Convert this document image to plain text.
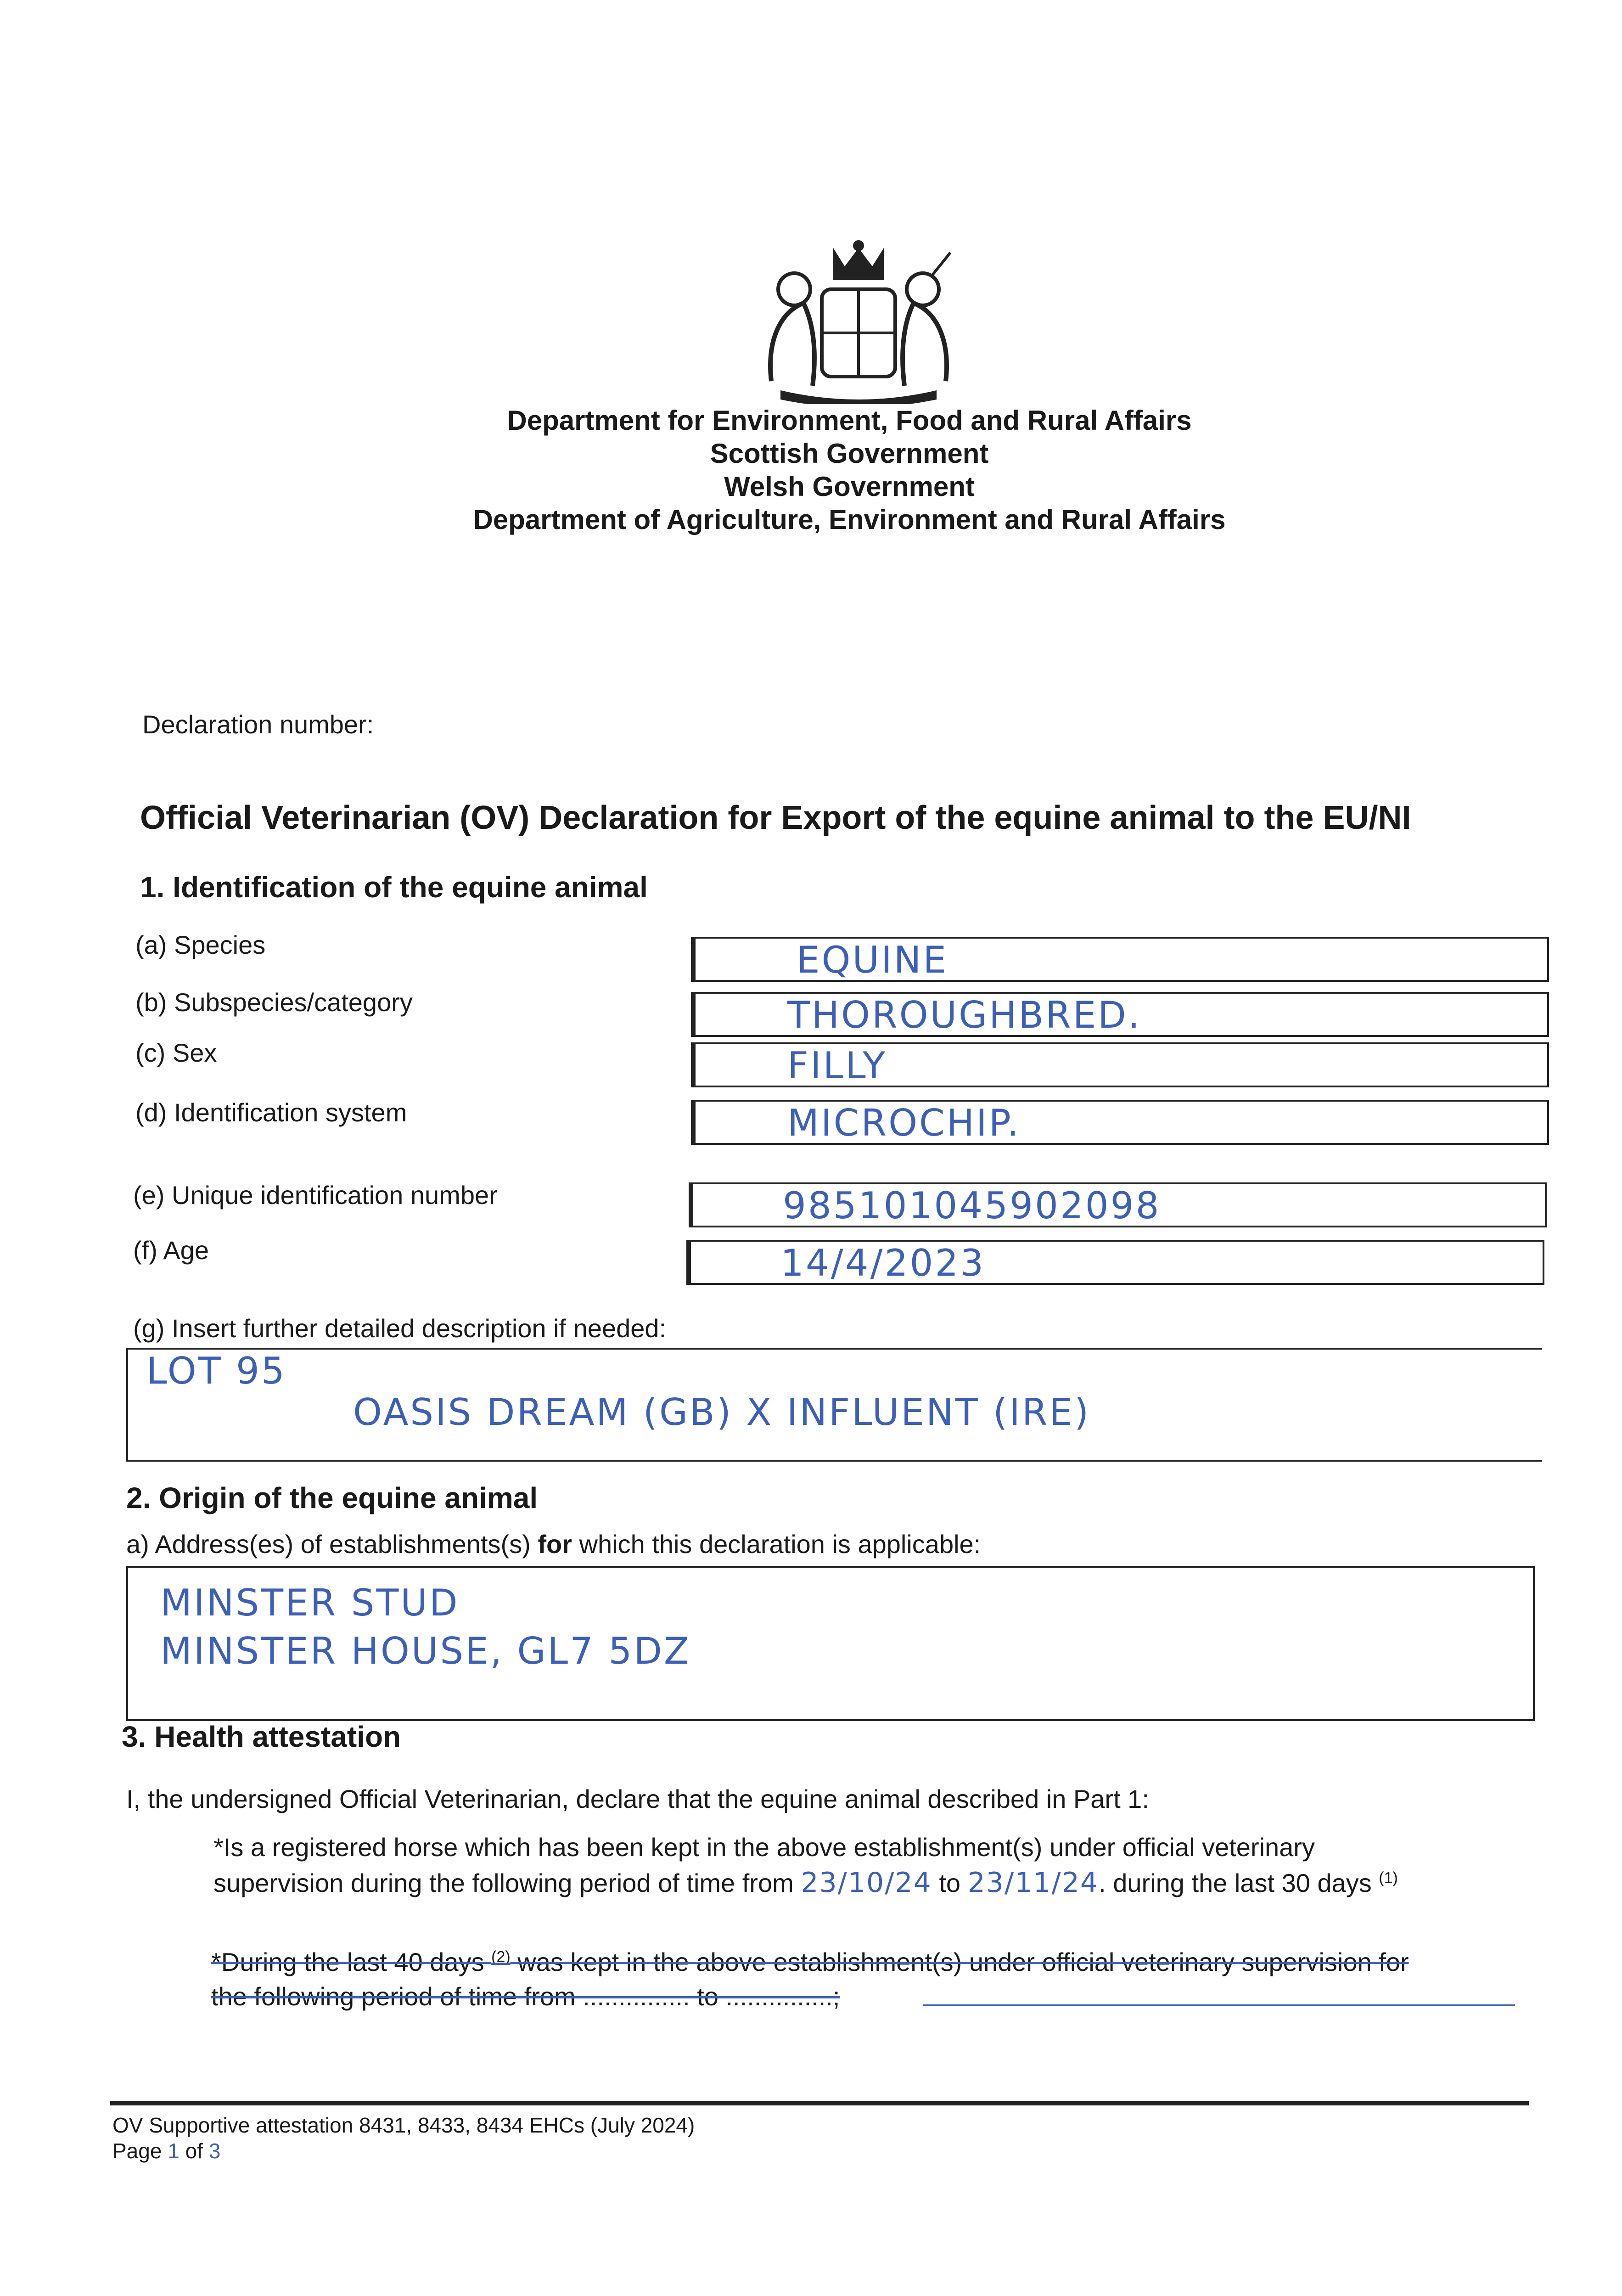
Department for Environment, Food and Rural Affairs
Scottish Government
Welsh Government
Department of Agriculture, Environment and Rural Affairs
Declaration number:
Official Veterinarian (OV) Declaration for Export of the equine animal to the EU/NI
1. Identification of the equine animal
(a) Species	EQUINE
(b) Subspecies/category	THOROUGHBRED.
(c) Sex	FILLY
(d) Identification system	MICROCHIP.
(e) Unique identification number	985101045902098
(f) Age	14/4/2023
(g) Insert further detailed description if needed:
LOT 95
OASIS DREAM (GB) X INFLUENT (IRE)
2. Origin of the equine animal
a) Address(es) of establishments(s) for which this declaration is applicable:
MINSTER STUD
MINSTER HOUSE, GL7 5DZ
3. Health attestation
I, the undersigned Official Veterinarian, declare that the equine animal described in Part 1:
*Is a registered horse which has been kept in the above establishment(s) under official veterinary
supervision during the following period of time from 23/10/24 to 23/11/24. during the last 30 days $^{(1)}$
*During the last 40 days $^{(2)}$ was kept in the above establishment(s) under official veterinary supervision for
the following period of time from ............... to ...............;
OV Supportive attestation 8431, 8433, 8434 EHCs (July 2024)
Page 1 of 3
